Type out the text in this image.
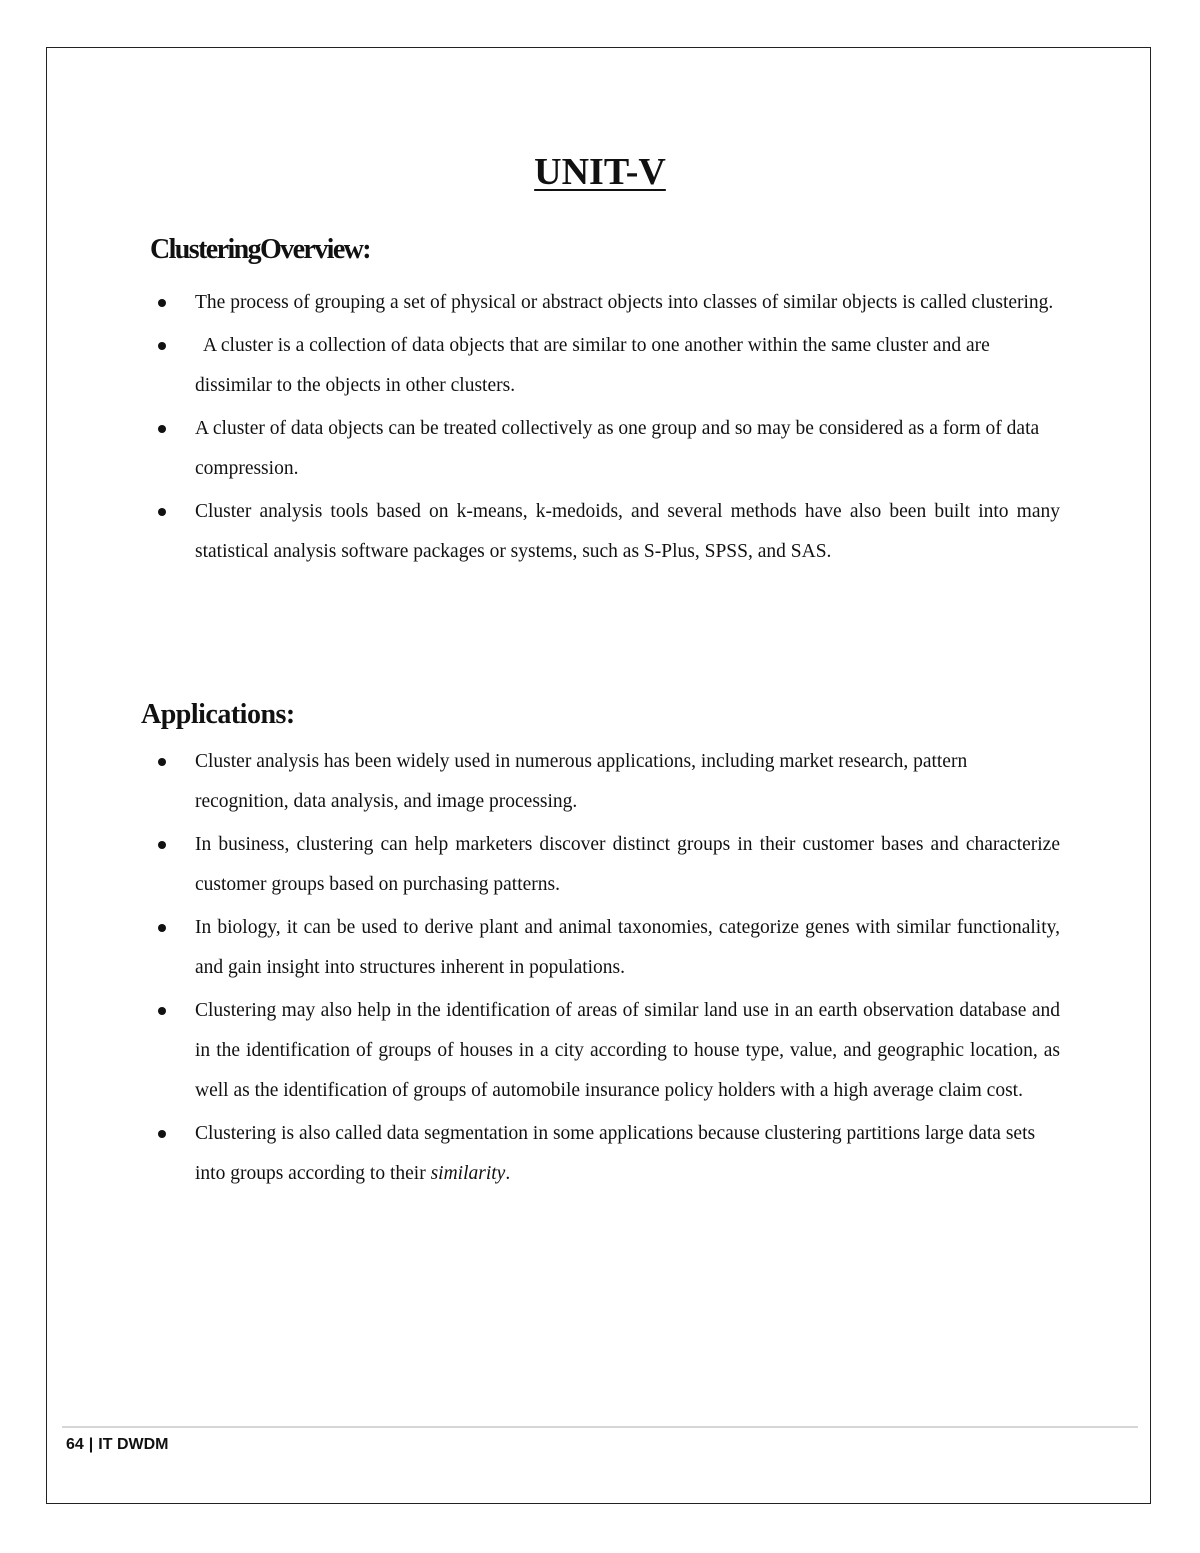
UNIT-V
ClusteringOverview:
The process of grouping a set of physical or abstract objects into classes of similar objects is called clustering.
A cluster is a collection of data objects that are similar to one another within the same cluster and are dissimilar to the objects in other clusters.
A cluster of data objects can be treated collectively as one group and so may be considered as a form of data compression.
Cluster analysis tools based on k-means, k-medoids, and several methods have also been built into many statistical analysis software packages or systems, such as S-Plus, SPSS, and SAS.
Applications:
Cluster analysis has been widely used in numerous applications, including market research, pattern recognition, data analysis, and image processing.
In business, clustering can help marketers discover distinct groups in their customer bases and characterize customer groups based on purchasing patterns.
In biology, it can be used to derive plant and animal taxonomies, categorize genes with similar functionality, and gain insight into structures inherent in populations.
Clustering may also help in the identification of areas of similar land use in an earth observation database and in the identification of groups of houses in a city according to house type, value, and geographic location, as well as the identification of groups of automobile insurance policy holders with a high average claim cost.
Clustering is also called data segmentation in some applications because clustering partitions large data sets into groups according to their similarity.
64 | IT DWDM
